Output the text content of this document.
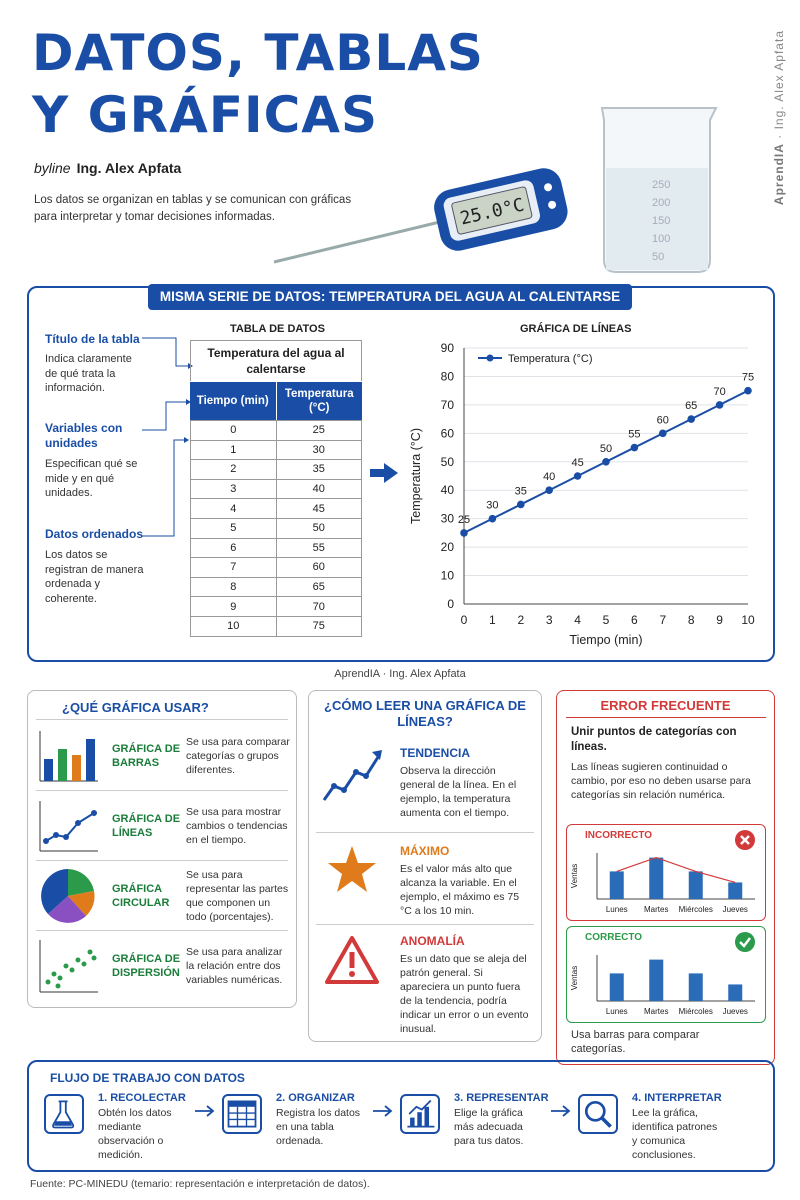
DATOS, TABLAS
Y GRÁFICAS
byline Ing. Alex Apfata
Los datos se organizan en tablas y se comunican con gráficas para interpretar y tomar decisiones informadas.
AprendIA · Ing. Alex Apfata
25.0°C
250
200
150
100
50
MISMA SERIE DE DATOS: TEMPERATURA DEL AGUA AL CALENTARSE
Título de la tabla
Indica claramente de qué trata la información.
Variables con unidades
Especifican qué se mide y en qué unidades.
Datos ordenados
Los datos se registran de manera ordenada y coherente.
TABLA DE DATOS
Temperatura del agua al calentarse
Tiempo (min)
Temperatura (°C)
0	25
1	30
2	35
3	40
4	45
5	50
6	55
7	60
8	65
9	70
10	75
GRÁFICA DE LÍNEAS
0
10
20
30
40
50
60
70
80
90
0 1 2 3 4 5 6 7 8 9 10
Tiempo (min)
Temperatura (°C)	25
30
35
40
45
50
55
60
65
70
75
Temperatura (°C)
AprendIA · Ing. Alex Apfata
¿QUÉ GRÁFICA USAR?
GRÁFICA DE BARRAS
Se usa para comparar categorías o grupos diferentes.
GRÁFICA DE LÍNEAS
Se usa para mostrar cambios o tendencias en el tiempo.
GRÁFICA CIRCULAR
Se usa para representar las partes que componen un todo (porcentajes).
GRÁFICA DE DISPERSIÓN
Se usa para analizar la relación entre dos variables numéricas.
¿CÓMO LEER UNA GRÁFICA DE LÍNEAS?
TENDENCIA
Observa la dirección general de la línea. En el ejemplo, la temperatura aumenta con el tiempo.
MÁXIMO
Es el valor más alto que alcanza la variable. En el ejemplo, el máximo es 75 °C a los 10 min.
ANOMALÍA
Es un dato que se aleja del patrón general. Si apareciera un punto fuera de la tendencia, podría indicar un error o un evento inusual.
ERROR FRECUENTE
Unir puntos de categorías con líneas.
Las líneas sugieren continuidad o cambio, por eso no deben usarse para categorías sin relación numérica.
INCORRECTO
Ventas
Lunes Martes Miércoles Jueves
CORRECTO
Ventas
Lunes Martes Miércoles Jueves
Usa barras para comparar categorías.
FLUJO DE TRABAJO CON DATOS
1. RECOLECTAR
Obtén los datos mediante observación o medición.
2. ORGANIZAR
Registra los datos en una tabla ordenada.
3. REPRESENTAR
Elige la gráfica más adecuada para tus datos.
4. INTERPRETAR
Lee la gráfica, identifica patrones y comunica conclusiones.
Fuente: PC-MINEDU (temario: representación e interpretación de datos).
